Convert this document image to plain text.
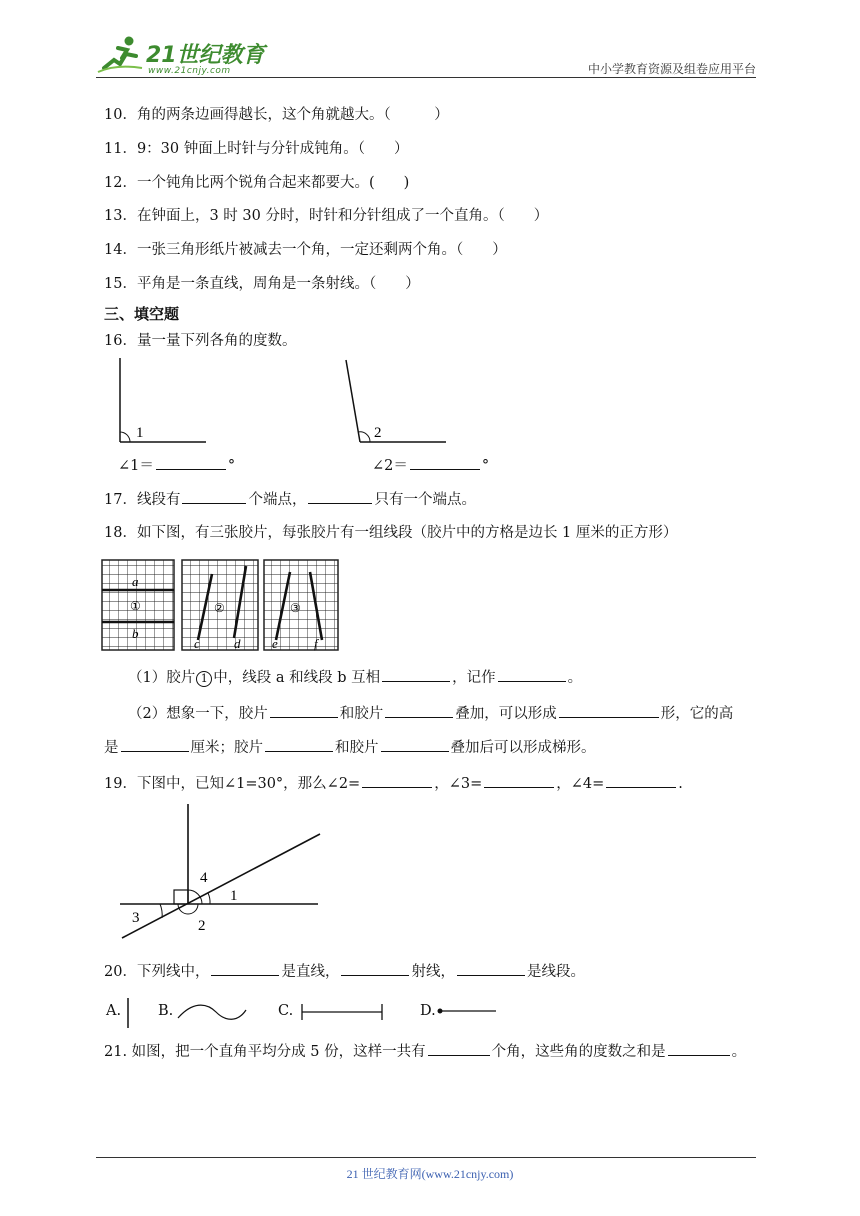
21世纪教育
www.21cnjy.com	中小学教育资源及组卷应用平台
10．角的两条边画得越长，这个角就越大。（　　　）
11．9：30 钟面上时针与分针成钝角。（　　）
12．一个钝角比两个锐角合起来都要大。(　　)
13．在钟面上，3 时 30 分时，时针和分针组成了一个直角。（　　）
14．一张三角形纸片被减去一个角，一定还剩两个角。（　　）
15．平角是一条直线，周角是一条射线。（　　）
三、填空题
16．量一量下列各角的度数。
1	2
∠1＝	°	∠2＝	°
17．线段有	个端点，	只有一个端点。
18．如下图，有三张胶片，每张胶片有一组线段（胶片中的方格是边长 1 厘米的正方形）
a
①
b
②
c	d
③
e	f
（1）胶片 1 中，线段 a 和线段 b 互相	，记作	。
（2）想象一下，胶片	和胶片	叠加，可以形成	形，它的高
是	厘米；胶片	和胶片	叠加后可以形成梯形。
19．下图中，已知∠1=30°，那么∠2=	，∠3=	，∠4=	.
4
1
2
3
20．下列线中，	是直线，	射线，	是线段。
A.	B.	C.	D.
21. 如图，把一个直角平均分成 5 份，这样一共有	个角，这些角的度数之和是	。
21 世纪教育网(www.21cnjy.com)
